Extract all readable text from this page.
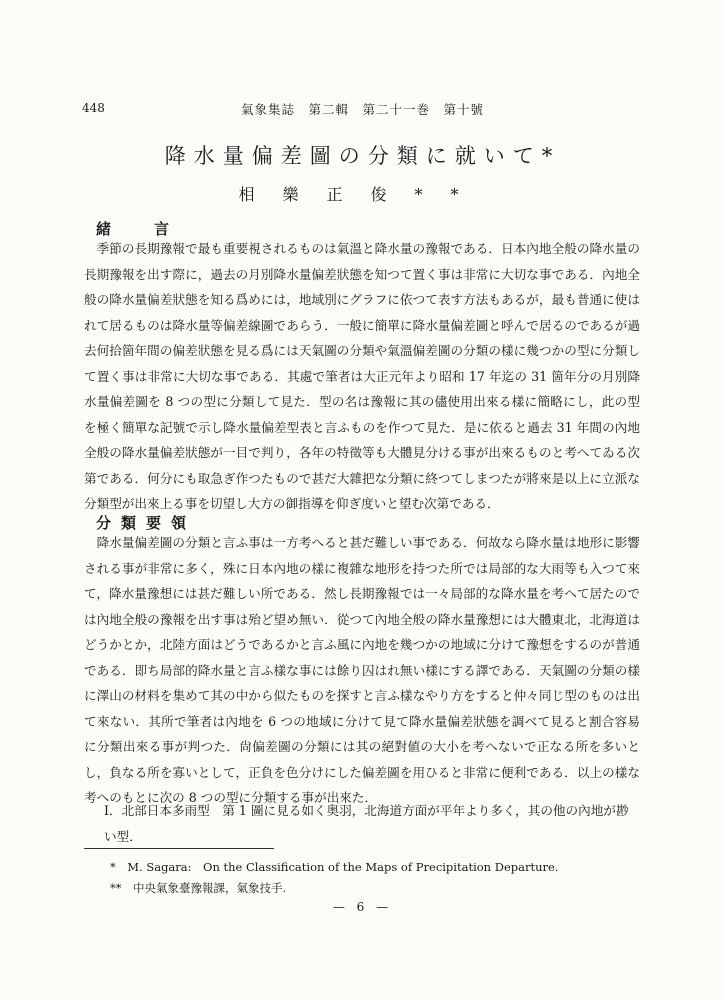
448	氣象集誌　第二輯　第二十一巻　第十號
降水量偏差圖の分類に就いて*
相樂正俊**
緒　言

季節の長期豫報で最も重要視されるものは氣溫と降水量の豫報である．日本內地全般の降水量の長期豫報を出す際に，過去の月別降水量偏差狀態を知つて置く事は非常に大切な事である．內地全般の降水量偏差狀態を知る爲めには，地域別にグラフに依つて表す方法もあるが，最も普通に使はれて居るものは降水量等偏差線圖であらう．一般に簡單に降水量偏差圖と呼んで居るのであるが過去何拾箇年間の偏差狀態を見る爲には天氣圖の分類や氣溫偏差圖の分類の樣に幾つかの型に分類して置く事は非常に大切な事である．其處で筆者は大正元年より昭和 17 年迄の 31 箇年分の月別降水量偏差圖を 8 つの型に分類して見た．型の名は豫報に其の儘使用出來る樣に簡略にし，此の型を極く簡單な記號で示し降水量偏差型表と言ふものを作つて見た．是に依ると過去 31 年間の內地全般の降水量偏差狀態が一目で判り，各年の特徵等も大體見分ける事が出來るものと考へてゐる次第である．何分にも取急ぎ作つたもので甚だ大雜把な分類に終つてしまつたが將來是以上に立派な分類型が出來上る事を切望し大方の御指導を仰ぎ度いと望む次第である．

分類要領

降水量偏差圖の分類と言ふ事は一方考へると甚だ難しい事である．何故なら降水量は地形に影響される事が非常に多く，殊に日本內地の樣に複雜な地形を持つた所では局部的な大雨等も入つて來て，降水量豫想には甚だ難しい所である．然し長期豫報では一々局部的な降水量を考へて居たのでは內地全般の豫報を出す事は殆ど望め無い．從つて內地全般の降水量豫想には大體東北，北海道はどうかとか，北陸方面はどうであるかと言ふ風に內地を幾つかの地域に分けて豫想をするのが普通である．即ち局部的降水量と言ふ樣な事には餘り囚はれ無い樣にする譯である．天氣圖の分類の樣に澤山の材料を集めて其の中から似たものを探すと言ふ樣なやり方をすると仲々同じ型のものは出て來ない．其所で筆者は內地を 6 つの地域に分けて見て降水量偏差狀態を調べて見ると割合容易に分類出來る事が判つた．尙偏差圖の分類には其の絕對値の大小を考へないで正なる所を多いとし，負なる所を寡いとして，正負を色分けにした偏差圖を用ひると非常に便利である．以上の樣な考へのもとに次の 8 つの型に分類する事が出來た．

I．北部日本多雨型　 第 1 圖に見る如く奥羽，北海道方面が平年より多く，其の他の內地が尠い型．
*　M. Sagara:　On the Classification of the Maps of Precipitation Departure.
**　中央氣象臺豫報課，氣象技手.
— 6 —
